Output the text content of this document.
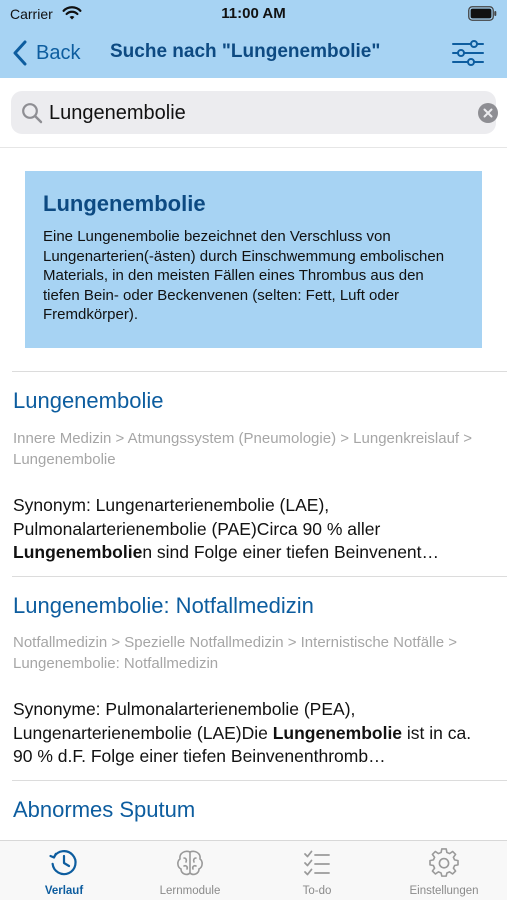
Carrier	11:00 AM
Back Suche nach "Lungenembolie"
Lungenembolie
Lungenembolie

Eine Lungenembolie bezeichnet den Verschluss von Lungenarterien(-ästen) durch Einschwemmung embolischen Materials, in den meisten Fällen eines Thrombus aus den tiefen Bein- oder Beckenvenen (selten: Fett, Luft oder Fremdkörper).

Lungenembolie
Innere Medizin > Atmungssystem (Pneumologie) > Lungenkreislauf > Lungenembolie
Synonym: Lungenarterienembolie (LAE), Pulmonalarterienembolie (PAE)Circa 90 % aller Lungenembolien sind Folge einer tiefen Beinvenent…
Lungenembolie: Notfallmedizin
Notfallmedizin > Spezielle Notfallmedizin > Internistische Notfälle > Lungenembolie: Notfallmedizin
Synonyme: Pulmonalarterienembolie (PEA), Lungenarterienembolie (LAE)Die Lungenembolie ist in ca. 90 % d.F. Folge einer tiefen Beinvenenthromb…
Abnormes Sputum
Verlauf	Lernmodule	To-do	Einstellungen
